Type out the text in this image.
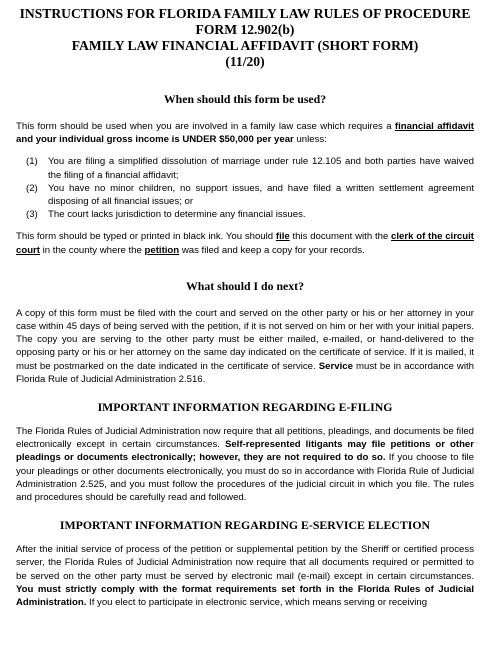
INSTRUCTIONS FOR FLORIDA FAMILY LAW RULES OF PROCEDURE

FORM 12.902(b)

FAMILY LAW FINANCIAL AFFIDAVIT (SHORT FORM)

(11/20)

When should this form be used?

This form should be used when you are involved in a family law case which requires a financial affidavit and your individual gross income is UNDER $50,000 per year unless:

(1)	You are filing a simplified dissolution of marriage under rule 12.105 and both parties have waived the filing of a financial affidavit;
(2)	You have no minor children, no support issues, and have filed a written settlement agreement disposing of all financial issues; or
(3)	The court lacks jurisdiction to determine any financial issues.

This form should be typed or printed in black ink. You should file this document with the clerk of the circuit court in the county where the petition was filed and keep a copy for your records.

What should I do next?

A copy of this form must be filed with the court and served on the other party or his or her attorney in your case within 45 days of being served with the petition, if it is not served on him or her with your initial papers. The copy you are serving to the other party must be either mailed, e-mailed, or hand-delivered to the opposing party or his or her attorney on the same day indicated on the certificate of service. If it is mailed, it must be postmarked on the date indicated in the certificate of service. Service must be in accordance with Florida Rule of Judicial Administration 2.516.

IMPORTANT INFORMATION REGARDING E-FILING

The Florida Rules of Judicial Administration now require that all petitions, pleadings, and documents be filed electronically except in certain circumstances. Self-represented litigants may file petitions or other pleadings or documents electronically; however, they are not required to do so. If you choose to file your pleadings or other documents electronically, you must do so in accordance with Florida Rule of Judicial Administration 2.525, and you must follow the procedures of the judicial circuit in which you file. The rules and procedures should be carefully read and followed.

IMPORTANT INFORMATION REGARDING E-SERVICE ELECTION

After the initial service of process of the petition or supplemental petition by the Sheriff or certified process server, the Florida Rules of Judicial Administration now require that all documents required or permitted to be served on the other party must be served by electronic mail (e-mail) except in certain circumstances. You must strictly comply with the format requirements set forth in the Florida Rules of Judicial Administration. If you elect to participate in electronic service, which means serving or receiving
